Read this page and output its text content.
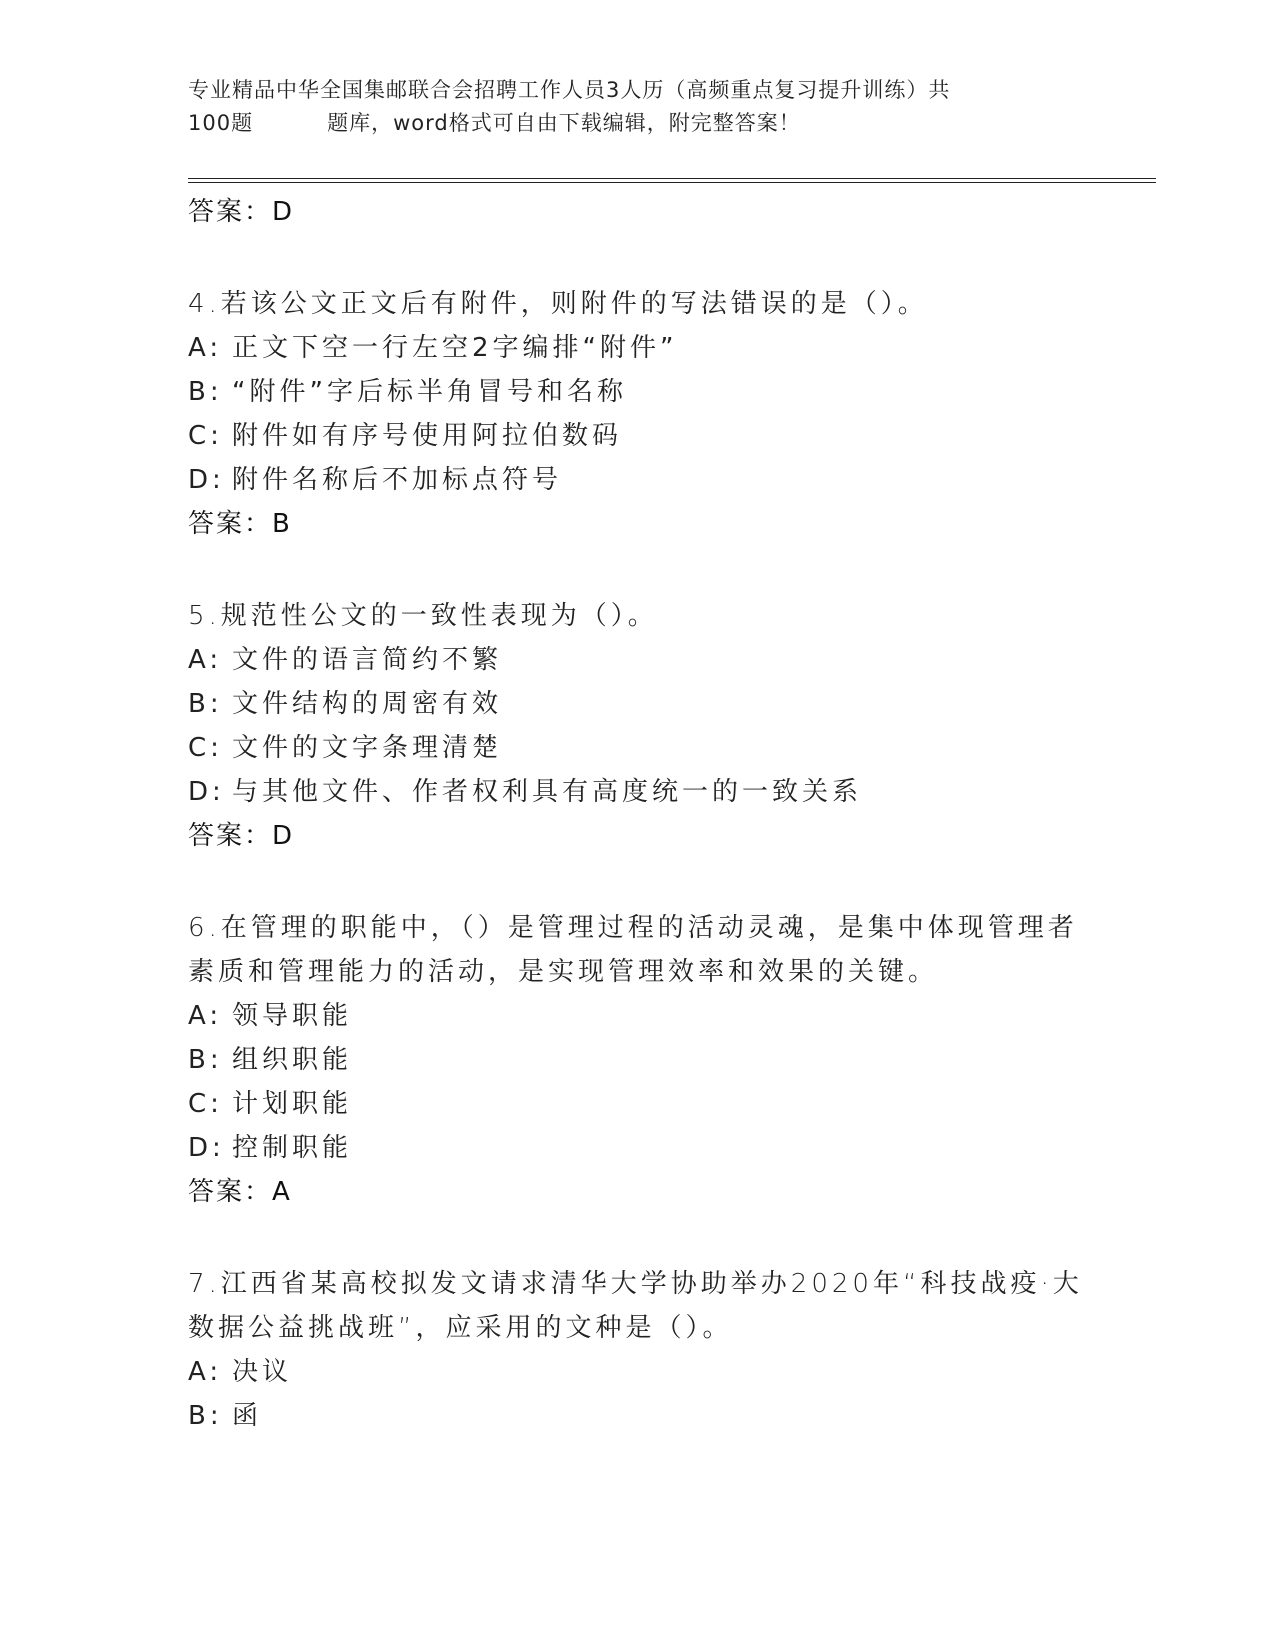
专业精品中华全国集邮联合会招聘工作人员3人历（高频重点复习提升训练）共
100题	题库，word格式可自由下载编辑，附完整答案！
答案：D
4.若该公文正文后有附件，则附件的写法错误的是（）。
A: 正文下空一行左空2字编排“附件”
B: “附件”字后标半角冒号和名称
C: 附件如有序号使用阿拉伯数码
D: 附件名称后不加标点符号
答案：B
5.规范性公文的一致性表现为（）。
A: 文件的语言简约不繁
B: 文件结构的周密有效
C: 文件的文字条理清楚
D: 与其他文件、作者权利具有高度统一的一致关系
答案：D
6.在管理的职能中，（）是管理过程的活动灵魂，是集中体现管理者
素质和管理能力的活动，是实现管理效率和效果的关键。
A: 领导职能
B: 组织职能
C: 计划职能
D: 控制职能
答案：A
7.江西省某高校拟发文请求清华大学协助举办2020年“科技战疫·大
数据公益挑战班”，应采用的文种是（）。
A: 决议
B: 函
